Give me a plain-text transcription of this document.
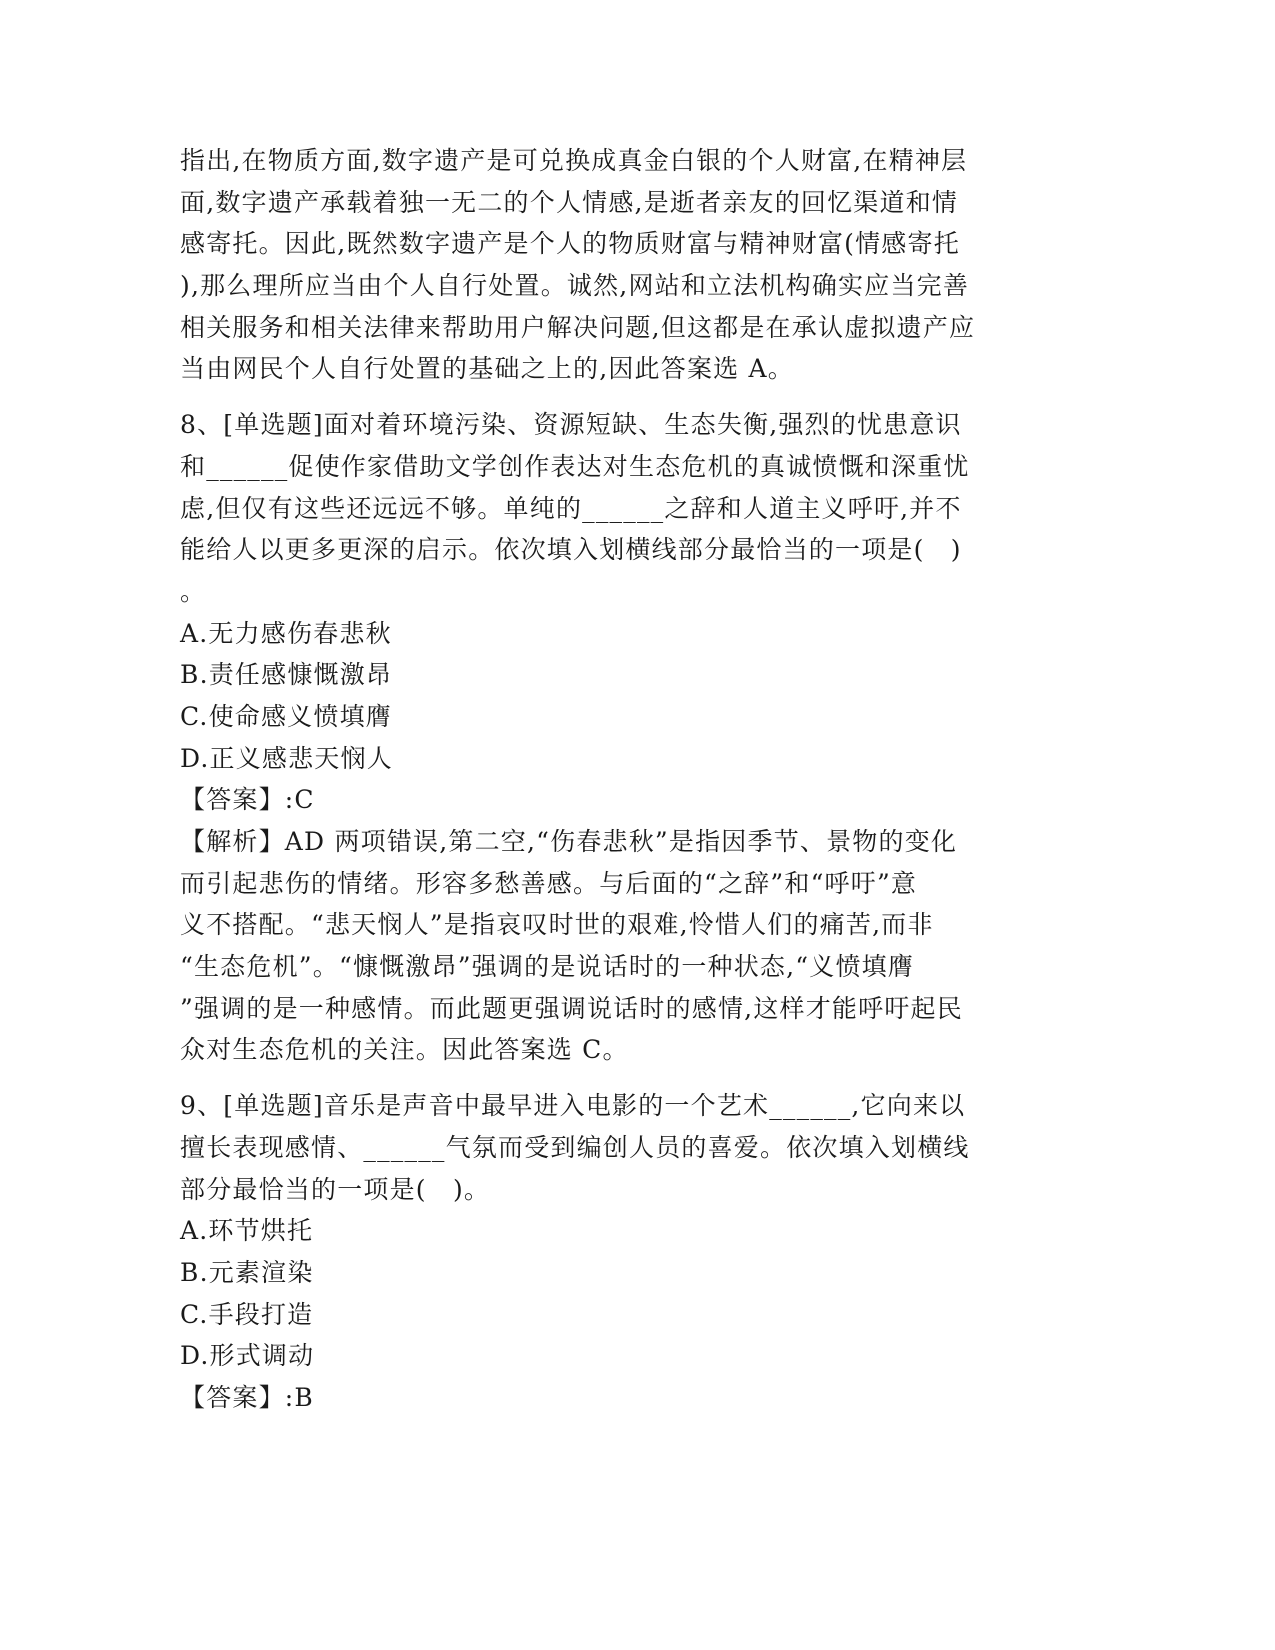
指出,在物质方面,数字遗产是可兑换成真金白银的个人财富,在精神层
面,数字遗产承载着独一无二的个人情感,是逝者亲友的回忆渠道和情
感寄托。因此,既然数字遗产是个人的物质财富与精神财富(情感寄托
),那么理所应当由个人自行处置。诚然,网站和立法机构确实应当完善
相关服务和相关法律来帮助用户解决问题,但这都是在承认虚拟遗产应
当由网民个人自行处置的基础之上的,因此答案选 A。
8、[单选题]面对着环境污染、资源短缺、生态失衡,强烈的忧患意识
和______促使作家借助文学创作表达对生态危机的真诚愤慨和深重忧
虑,但仅有这些还远远不够。单纯的______之辞和人道主义呼吁,并不
能给人以更多更深的启示。依次填入划横线部分最恰当的一项是(　)
。
A.无力感伤春悲秋
B.责任感慷慨激昂
C.使命感义愤填膺
D.正义感悲天悯人
【答案】:C
【解析】AD 两项错误,第二空,“伤春悲秋”是指因季节、景物的变化
而引起悲伤的情绪。形容多愁善感。与后面的“之辞”和“呼吁”意
义不搭配。“悲天悯人”是指哀叹时世的艰难,怜惜人们的痛苦,而非
“生态危机”。“慷慨激昂”强调的是说话时的一种状态,“义愤填膺
”强调的是一种感情。而此题更强调说话时的感情,这样才能呼吁起民
众对生态危机的关注。因此答案选 C。
9、[单选题]音乐是声音中最早进入电影的一个艺术______,它向来以
擅长表现感情、______气氛而受到编创人员的喜爱。依次填入划横线
部分最恰当的一项是(　)。
A.环节烘托
B.元素渲染
C.手段打造
D.形式调动
【答案】:B
